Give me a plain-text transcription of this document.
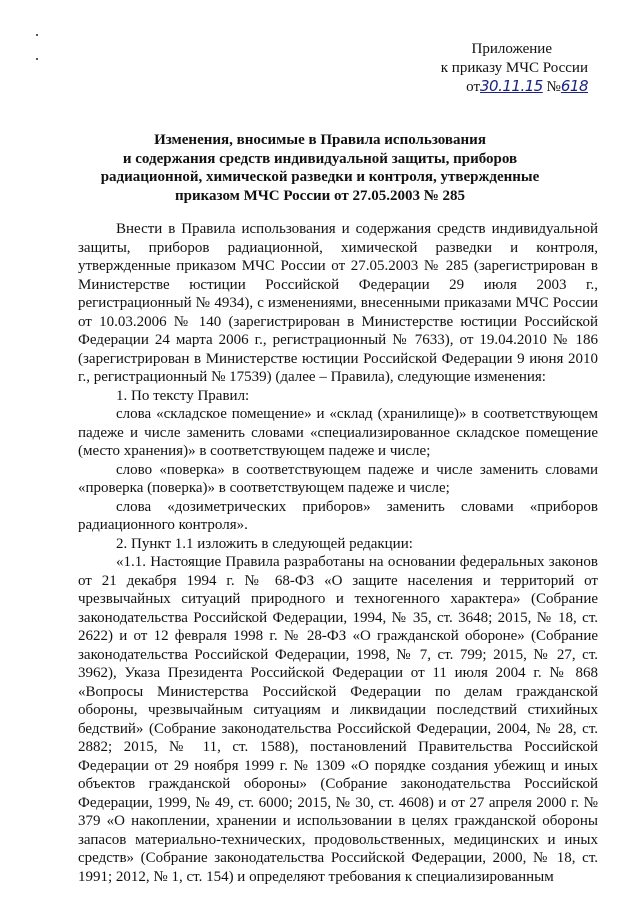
Приложение
к приказу МЧС России
от30.11.15 №618
Изменения, вносимые в Правила использования
и содержания средств индивидуальной защиты, приборов
радиационной, химической разведки и контроля, утвержденные
приказом МЧС России от 27.05.2003 № 285

Внести в Правила использования и содержания средств индивидуальной защиты, приборов радиационной, химической разведки и контроля, утвержденные приказом МЧС России от 27.05.2003 № 285 (зарегистрирован в Министерстве юстиции Российской Федерации 29 июля 2003 г., регистрационный № 4934), с изменениями, внесенными приказами МЧС России от 10.03.2006 № 140 (зарегистрирован в Министерстве юстиции Российской Федерации 24 марта 2006 г., регистрационный № 7633), от 19.04.2010 № 186 (зарегистрирован в Министерстве юстиции Российской Федерации 9 июня 2010 г., регистрационный № 17539) (далее – Правила), следующие изменения:

1. По тексту Правил:

слова «складское помещение» и «склад (хранилище)» в соответствующем падеже и числе заменить словами «специализированное складское помещение (место хранения)» в соответствующем падеже и числе;

слово «поверка» в соответствующем падеже и числе заменить словами «проверка (поверка)» в соответствующем падеже и числе;

слова «дозиметрических приборов» заменить словами «приборов радиационного контроля».

2. Пункт 1.1 изложить в следующей редакции:

«1.1. Настоящие Правила разработаны на основании федеральных законов от 21 декабря 1994 г. № 68-ФЗ «О защите населения и территорий от чрезвычайных ситуаций природного и техногенного характера» (Собрание законодательства Российской Федерации, 1994, № 35, ст. 3648; 2015, № 18, ст. 2622) и от 12 февраля 1998 г. № 28-ФЗ «О гражданской обороне» (Собрание законодательства Российской Федерации, 1998, № 7, ст. 799; 2015, № 27, ст. 3962), Указа Президента Российской Федерации от 11 июля 2004 г. № 868 «Вопросы Министерства Российской Федерации по делам гражданской обороны, чрезвычайным ситуациям и ликвидации последствий стихийных бедствий» (Собрание законодательства Российской Федерации, 2004, № 28, ст. 2882; 2015, № 11, ст. 1588), постановлений Правительства Российской Федерации от 29 ноября 1999 г. № 1309 «О порядке создания убежищ и иных объектов гражданской обороны» (Собрание законодательства Российской Федерации, 1999, № 49, ст. 6000; 2015, № 30, ст. 4608) и от 27 апреля 2000 г. № 379 «О накоплении, хранении и использовании в целях гражданской обороны запасов материально-технических, продовольственных, медицинских и иных средств» (Собрание законодательства Российской Федерации, 2000, № 18, ст. 1991; 2012, № 1, ст. 154) и определяют требования к специализированным
